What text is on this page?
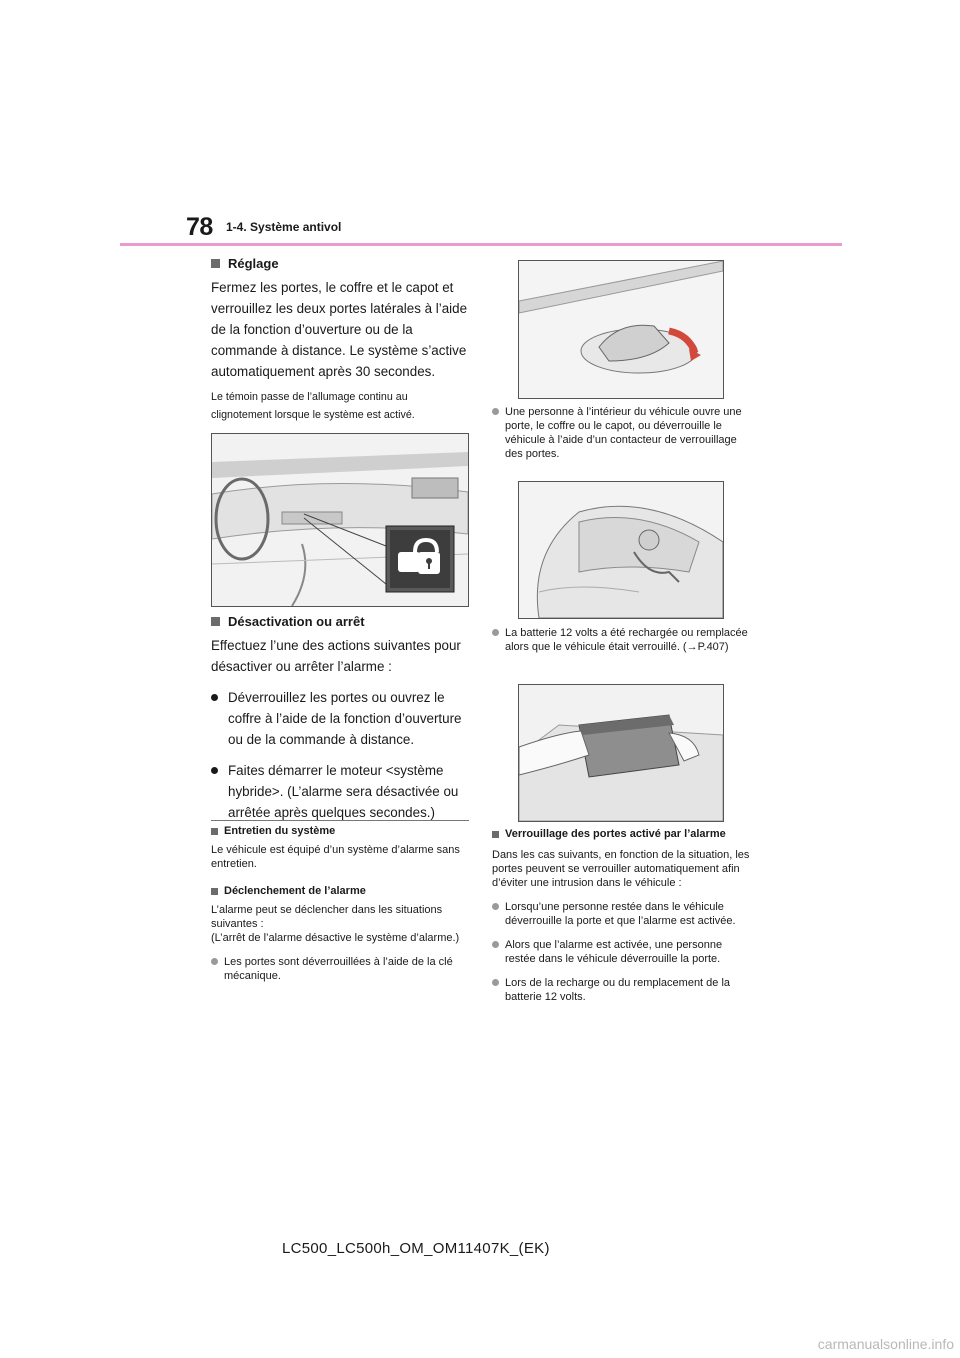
78 1-4. Système antivol
Réglage
Fermez les portes, le coffre et le capot et verrouillez les deux portes latérales à l’aide de la fonction d’ouverture ou de la commande à distance. Le système s’active automatiquement après 30 secondes.
Le témoin passe de l’allumage continu au clignotement lorsque le système est activé.
Désactivation ou arrêt
Effectuez l’une des actions suivantes pour désactiver ou arrêter l’alarme :
Déverrouillez les portes ou ouvrez le coffre à l’aide de la fonction d’ouverture ou de la commande à distance.
Faites démarrer le moteur <système hybride>. (L’alarme sera désactivée ou arrêtée après quelques secondes.)
Entretien du système
Le véhicule est équipé d’un système d’alarme sans entretien.
Déclenchement de l’alarme
L’alarme peut se déclencher dans les situations suivantes :
(L’arrêt de l’alarme désactive le système d’alarme.)
Les portes sont déverrouillées à l’aide de la clé mécanique.
Une personne à l’intérieur du véhicule ouvre une porte, le coffre ou le capot, ou déverrouille le véhicule à l’aide d’un contacteur de verrouillage des portes.
La batterie 12 volts a été rechargée ou remplacée alors que le véhicule était verrouillé. (→P.407)
Verrouillage des portes activé par l’alarme
Dans les cas suivants, en fonction de la situation, les portes peuvent se verrouiller automatiquement afin d’éviter une intrusion dans le véhicule :
Lorsqu’une personne restée dans le véhicule déverrouille la porte et que l’alarme est activée.
Alors que l’alarme est activée, une personne restée dans le véhicule déverrouille la porte.
Lors de la recharge ou du remplacement de la batterie 12 volts.
LC500_LC500h_OM_OM11407K_(EK)
carmanualsonline.info
